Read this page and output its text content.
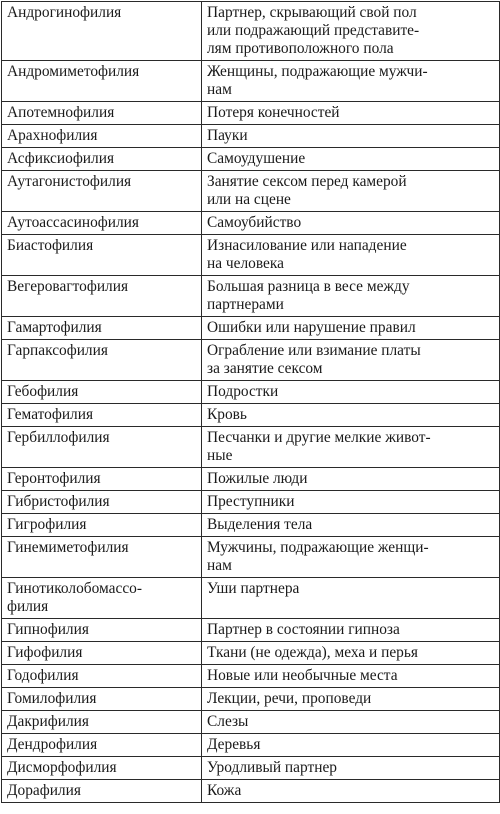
Андрогинофилия	Партнер, скрывающий свой пол
или подражающий представите-
лям противоположного пола
Андромиметофилия	Женщины, подражающие мужчи-
нам
Апотемнофилия	Потеря конечностей
Арахнофилия	Пауки
Асфиксиофилия	Самоудушение
Аутагонистофилия	Занятие сексом перед камерой
или на сцене
Аутоассасинофилия	Самоубийство
Биастофилия	Изнасилование или нападение
на человека
Вегеровагтофилия	Большая разница в весе между
партнерами
Гамартофилия	Ошибки или нарушение правил
Гарпаксофилия	Ограбление или взимание платы
за занятие сексом
Гебофилия	Подростки
Гематофилия	Кровь
Гербиллофилия	Песчанки и другие мелкие живот-
ные
Геронтофилия	Пожилые люди
Гибристофилия	Преступники
Гигрофилия	Выделения тела
Гинемиметофилия	Мужчины, подражающие женщи-
нам
Гинотиколобомассо-
филия	Уши партнера
Гипнофилия	Партнер в состоянии гипноза
Гифофилия	Ткани (не одежда), меха и перья
Годофилия	Новые или необычные места
Гомилофилия	Лекции, речи, проповеди
Дакрифилия	Слезы
Дендрофилия	Деревья
Дисморфофилия	Уродливый партнер
Дорафилия	Кожа
